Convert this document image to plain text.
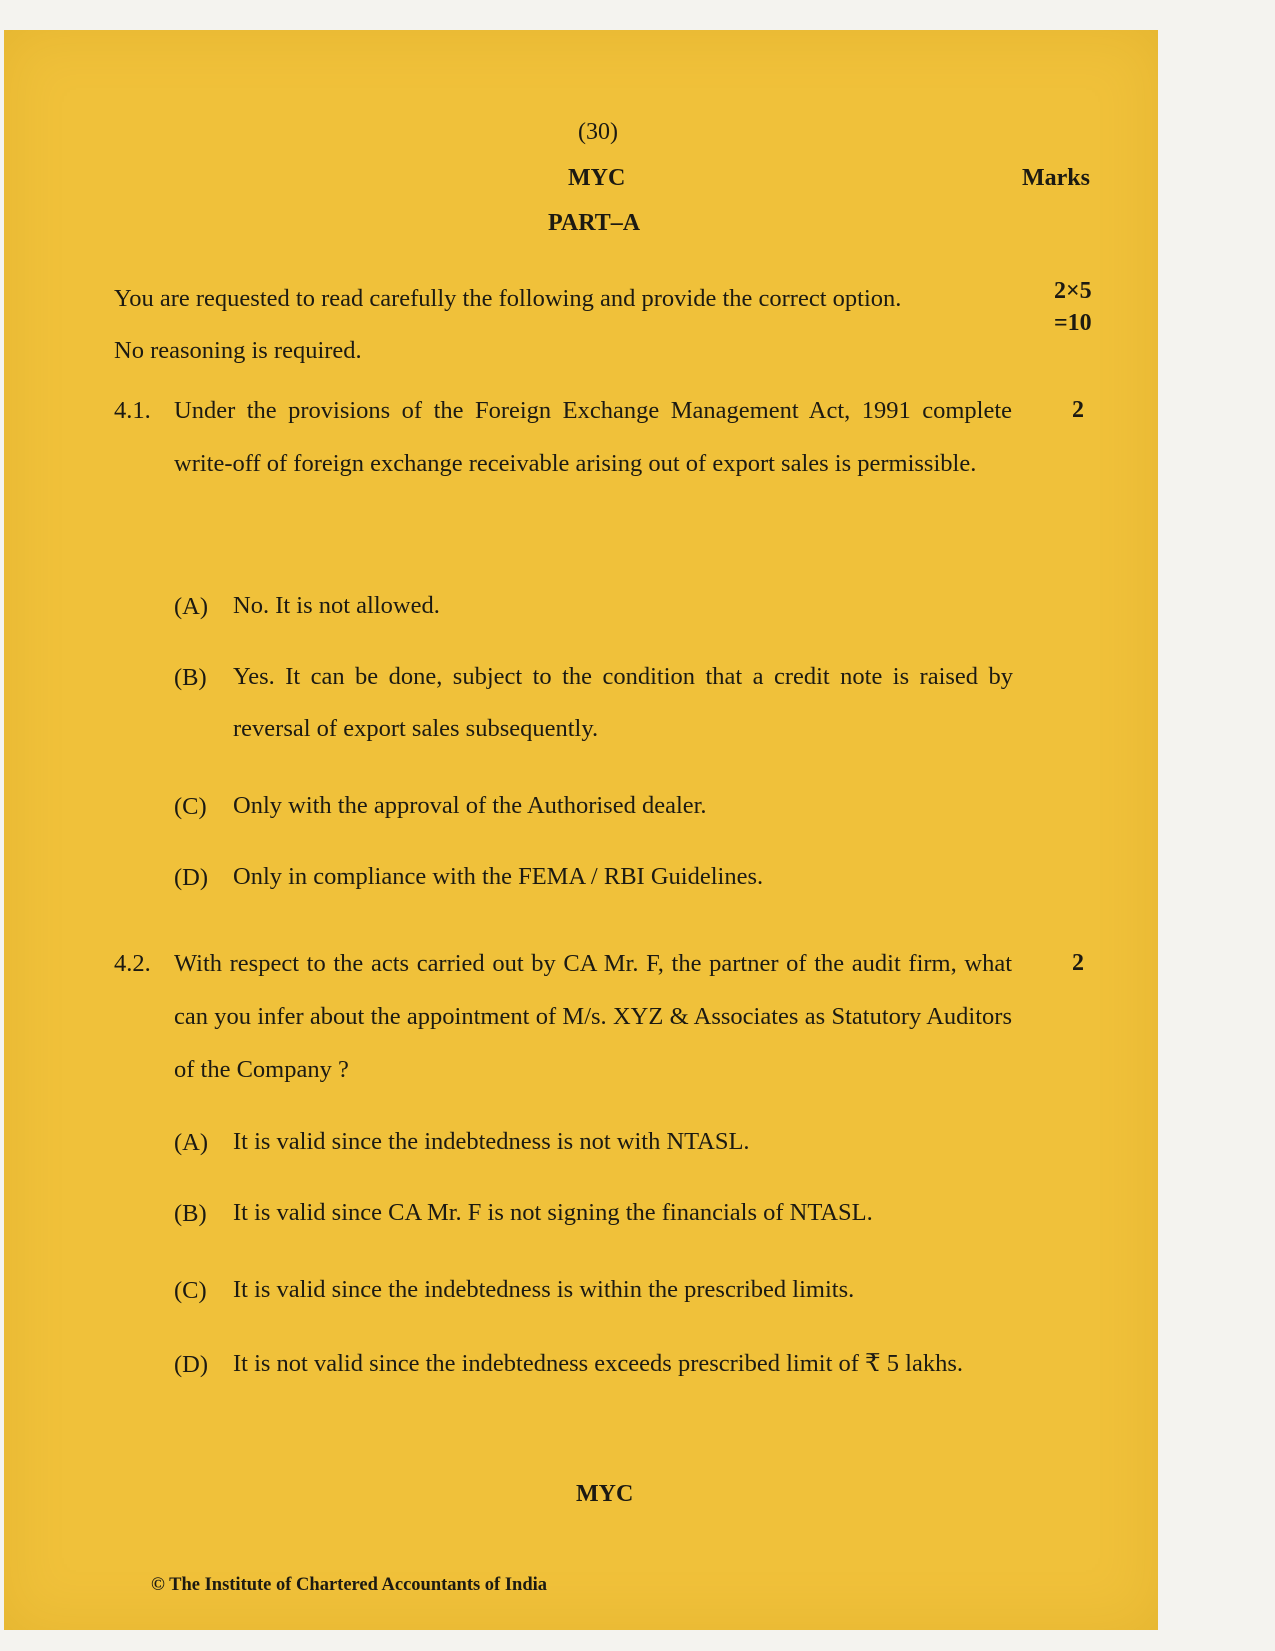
(30)
MYC	Marks
PART–A
You are requested to read carefully the following and provide the correct option.
No reasoning is required.
2×5
=10
4.1. Under the provisions of the Foreign Exchange Management Act, 1991 complete write-off of foreign exchange receivable arising out of export sales is permissible.
2
(A) No. It is not allowed.
(B) Yes. It can be done, subject to the condition that a credit note is raised by reversal of export sales subsequently.
(C) Only with the approval of the Authorised dealer.
(D) Only in compliance with the FEMA / RBI Guidelines.
4.2. With respect to the acts carried out by CA Mr. F, the partner of the audit firm, what can you infer about the appointment of M/s. XYZ & Associates as Statutory Auditors of the Company ?
2
(A) It is valid since the indebtedness is not with NTASL.
(B) It is valid since CA Mr. F is not signing the financials of NTASL.
(C) It is valid since the indebtedness is within the prescribed limits.
(D) It is not valid since the indebtedness exceeds prescribed limit of ₹ 5 lakhs.
MYC
© The Institute of Chartered Accountants of India
